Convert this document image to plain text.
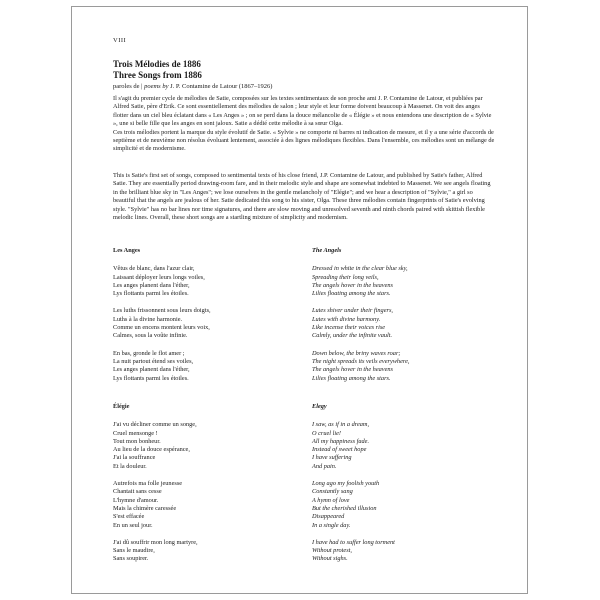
VIII
Trois Mélodies de 1886
Three Songs from 1886
paroles de | poems by J. P. Contamine de Latour (1867–1926)

Il s'agit du premier cycle de mélodies de Satie, composées sur les textes sentimentaux de son proche ami J. P. Contamine de Latour, et publiées par Alfred Satie, père d'Erik. Ce sont essentiellement des mélodies de salon ; leur style et leur forme doivent beaucoup à Massenet. On voit des anges flotter dans un ciel bleu éclatant dans « Les Anges » ; on se perd dans la douce mélancolie de « Élégie » et nous entendons une description de « Sylvie », une si belle fille que les anges en sont jaloux. Satie a dédié cette mélodie à sa sœur Olga.

Ces trois mélodies portent la marque du style évolutif de Satie. « Sylvie » ne comporte ni barres ni indication de mesure, et il y a une série d'accords de septième et de neuvième non résolus évoluant lentement, associée à des lignes mélodiques flexibles. Dans l'ensemble, ces mélodies sont un mélange de simplicité et de modernisme.

This is Satie's first set of songs, composed to sentimental texts of his close friend, J.P. Contamine de Latour, and published by Satie's father, Alfred Satie. They are essentially period drawing-room fare, and in their melodic style and shape are somewhat indebted to Massenet. We see angels floating in the brilliant blue sky in "Les Anges"; we lose ourselves in the gentle melancholy of "Elégie"; and we hear a description of "Sylvie," a girl so beautiful that the angels are jealous of her. Satie dedicated this song to his sister, Olga. These three mélodies contain fingerprints of Satie's evolving style. "Sylvie" has no bar lines nor time signatures, and there are slow moving and unresolved seventh and ninth chords paired with skittish flexible melodic lines. Overall, these short songs are a startling mixture of simplicity and modernism.

Les Anges
Vêtus de blanc, dans l'azur clair,
Laissant déployer leurs longs voiles,
Les anges planent dans l'éther,
Lys flottants parmi les étoiles.
Les luths frissonnent sous leurs doigts,
Luths à la divine harmonie.
Comme un encens montent leurs voix,
Calmes, sous la voûte infinie.
En bas, gronde le flot amer ;
La nuit partout étend ses voiles,
Les anges planent dans l'éther,
Lys flottants parmi les étoiles.
The Angels
Dressed in white in the clear blue sky,
Spreading their long veils,
The angels hover in the heavens
Lilies floating among the stars.
Lutes shiver under their fingers,
Lutes with divine harmony.
Like incense their voices rise
Calmly, under the infinite vault.
Down below, the briny waves roar;
The night spreads its veils everywhere,
The angels hover in the heavens
Lilies floating among the stars.
Élégie
J'ai vu décliner comme un songe,
Cruel mensonge !
Tout mon bonheur.
Au lieu de la douce espérance,
J'ai la souffrance
Et la douleur.
Autrefois ma folle jeunesse
Chantait sans cesse
L'hymne d'amour.
Mais la chimère caressée
S'est effacée
En un seul jour.
J'ai dû souffrir mon long martyre,
Sans le maudire,
Sans soupirer.
Elegy
I saw, as if in a dream,
O cruel lie!
All my happiness fade.
Instead of sweet hope
I have suffering
And pain.
Long ago my foolish youth
Constantly sang
A hymn of love
But the cherished illusion
Disappeared
In a single day.
I have had to suffer long torment
Without protest,
Without sighs.
